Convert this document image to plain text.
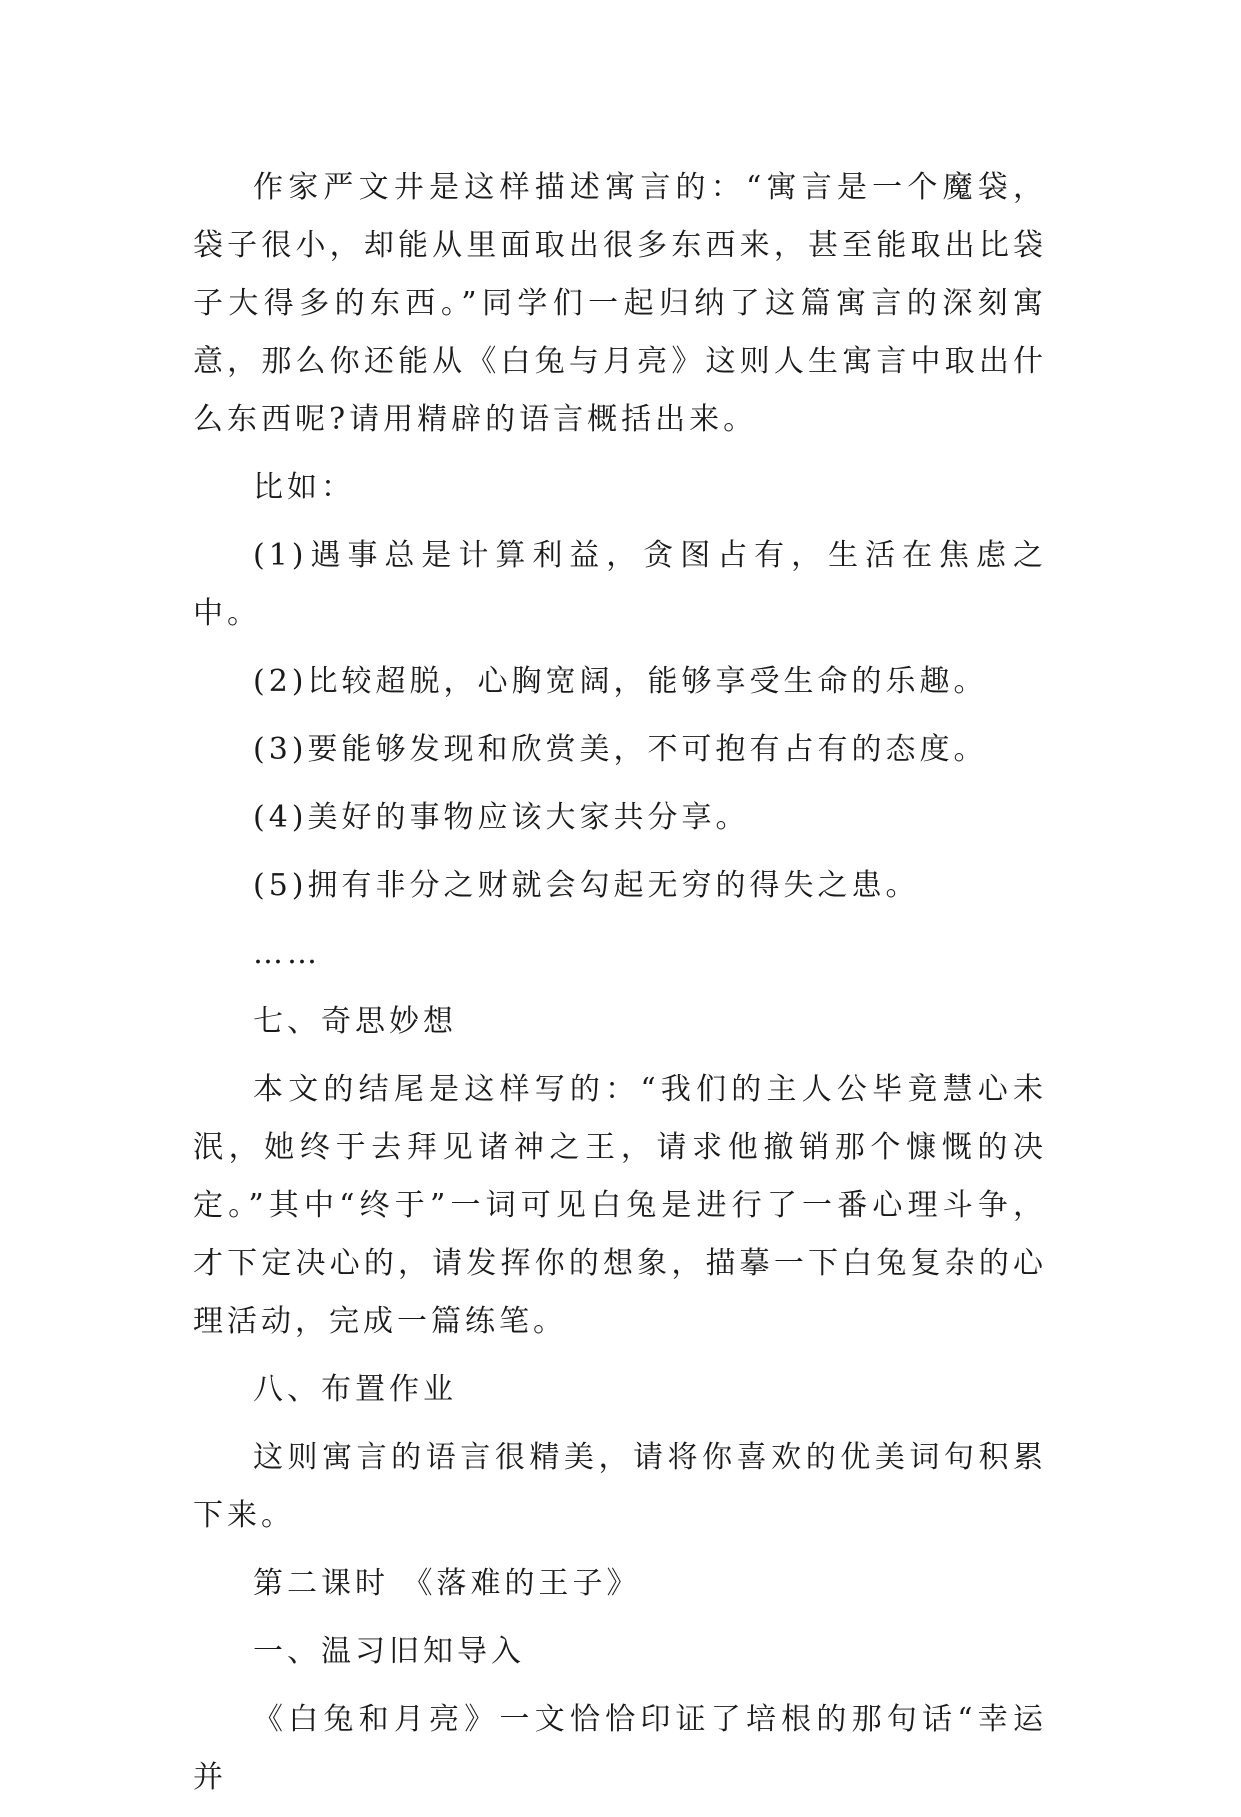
作家严文井是这样描述寓言的：“寓言是一个魔袋，袋子很小，却能从里面取出很多东西来，甚至能取出比袋子大得多的东西。”同学们一起归纳了这篇寓言的深刻寓意，那么你还能从《白兔与月亮》这则人生寓言中取出什么东西呢?请用精辟的语言概括出来。

比如：

(1)遇事总是计算利益，贪图占有，生活在焦虑之中。

(2)比较超脱，心胸宽阔，能够享受生命的乐趣。

(3)要能够发现和欣赏美，不可抱有占有的态度。

(4)美好的事物应该大家共分享。

(5)拥有非分之财就会勾起无穷的得失之患。

……

七、奇思妙想

本文的结尾是这样写的：“我们的主人公毕竟慧心未泯，她终于去拜见诸神之王，请求他撤销那个慷慨的决定。”其中“终于”一词可见白兔是进行了一番心理斗争，才下定决心的，请发挥你的想象，描摹一下白兔复杂的心理活动，完成一篇练笔。

八、布置作业

这则寓言的语言很精美，请将你喜欢的优美词句积累下来。

第二课时 《落难的王子》

一、温习旧知导入

《白兔和月亮》一文恰恰印证了培根的那句话“幸运并
